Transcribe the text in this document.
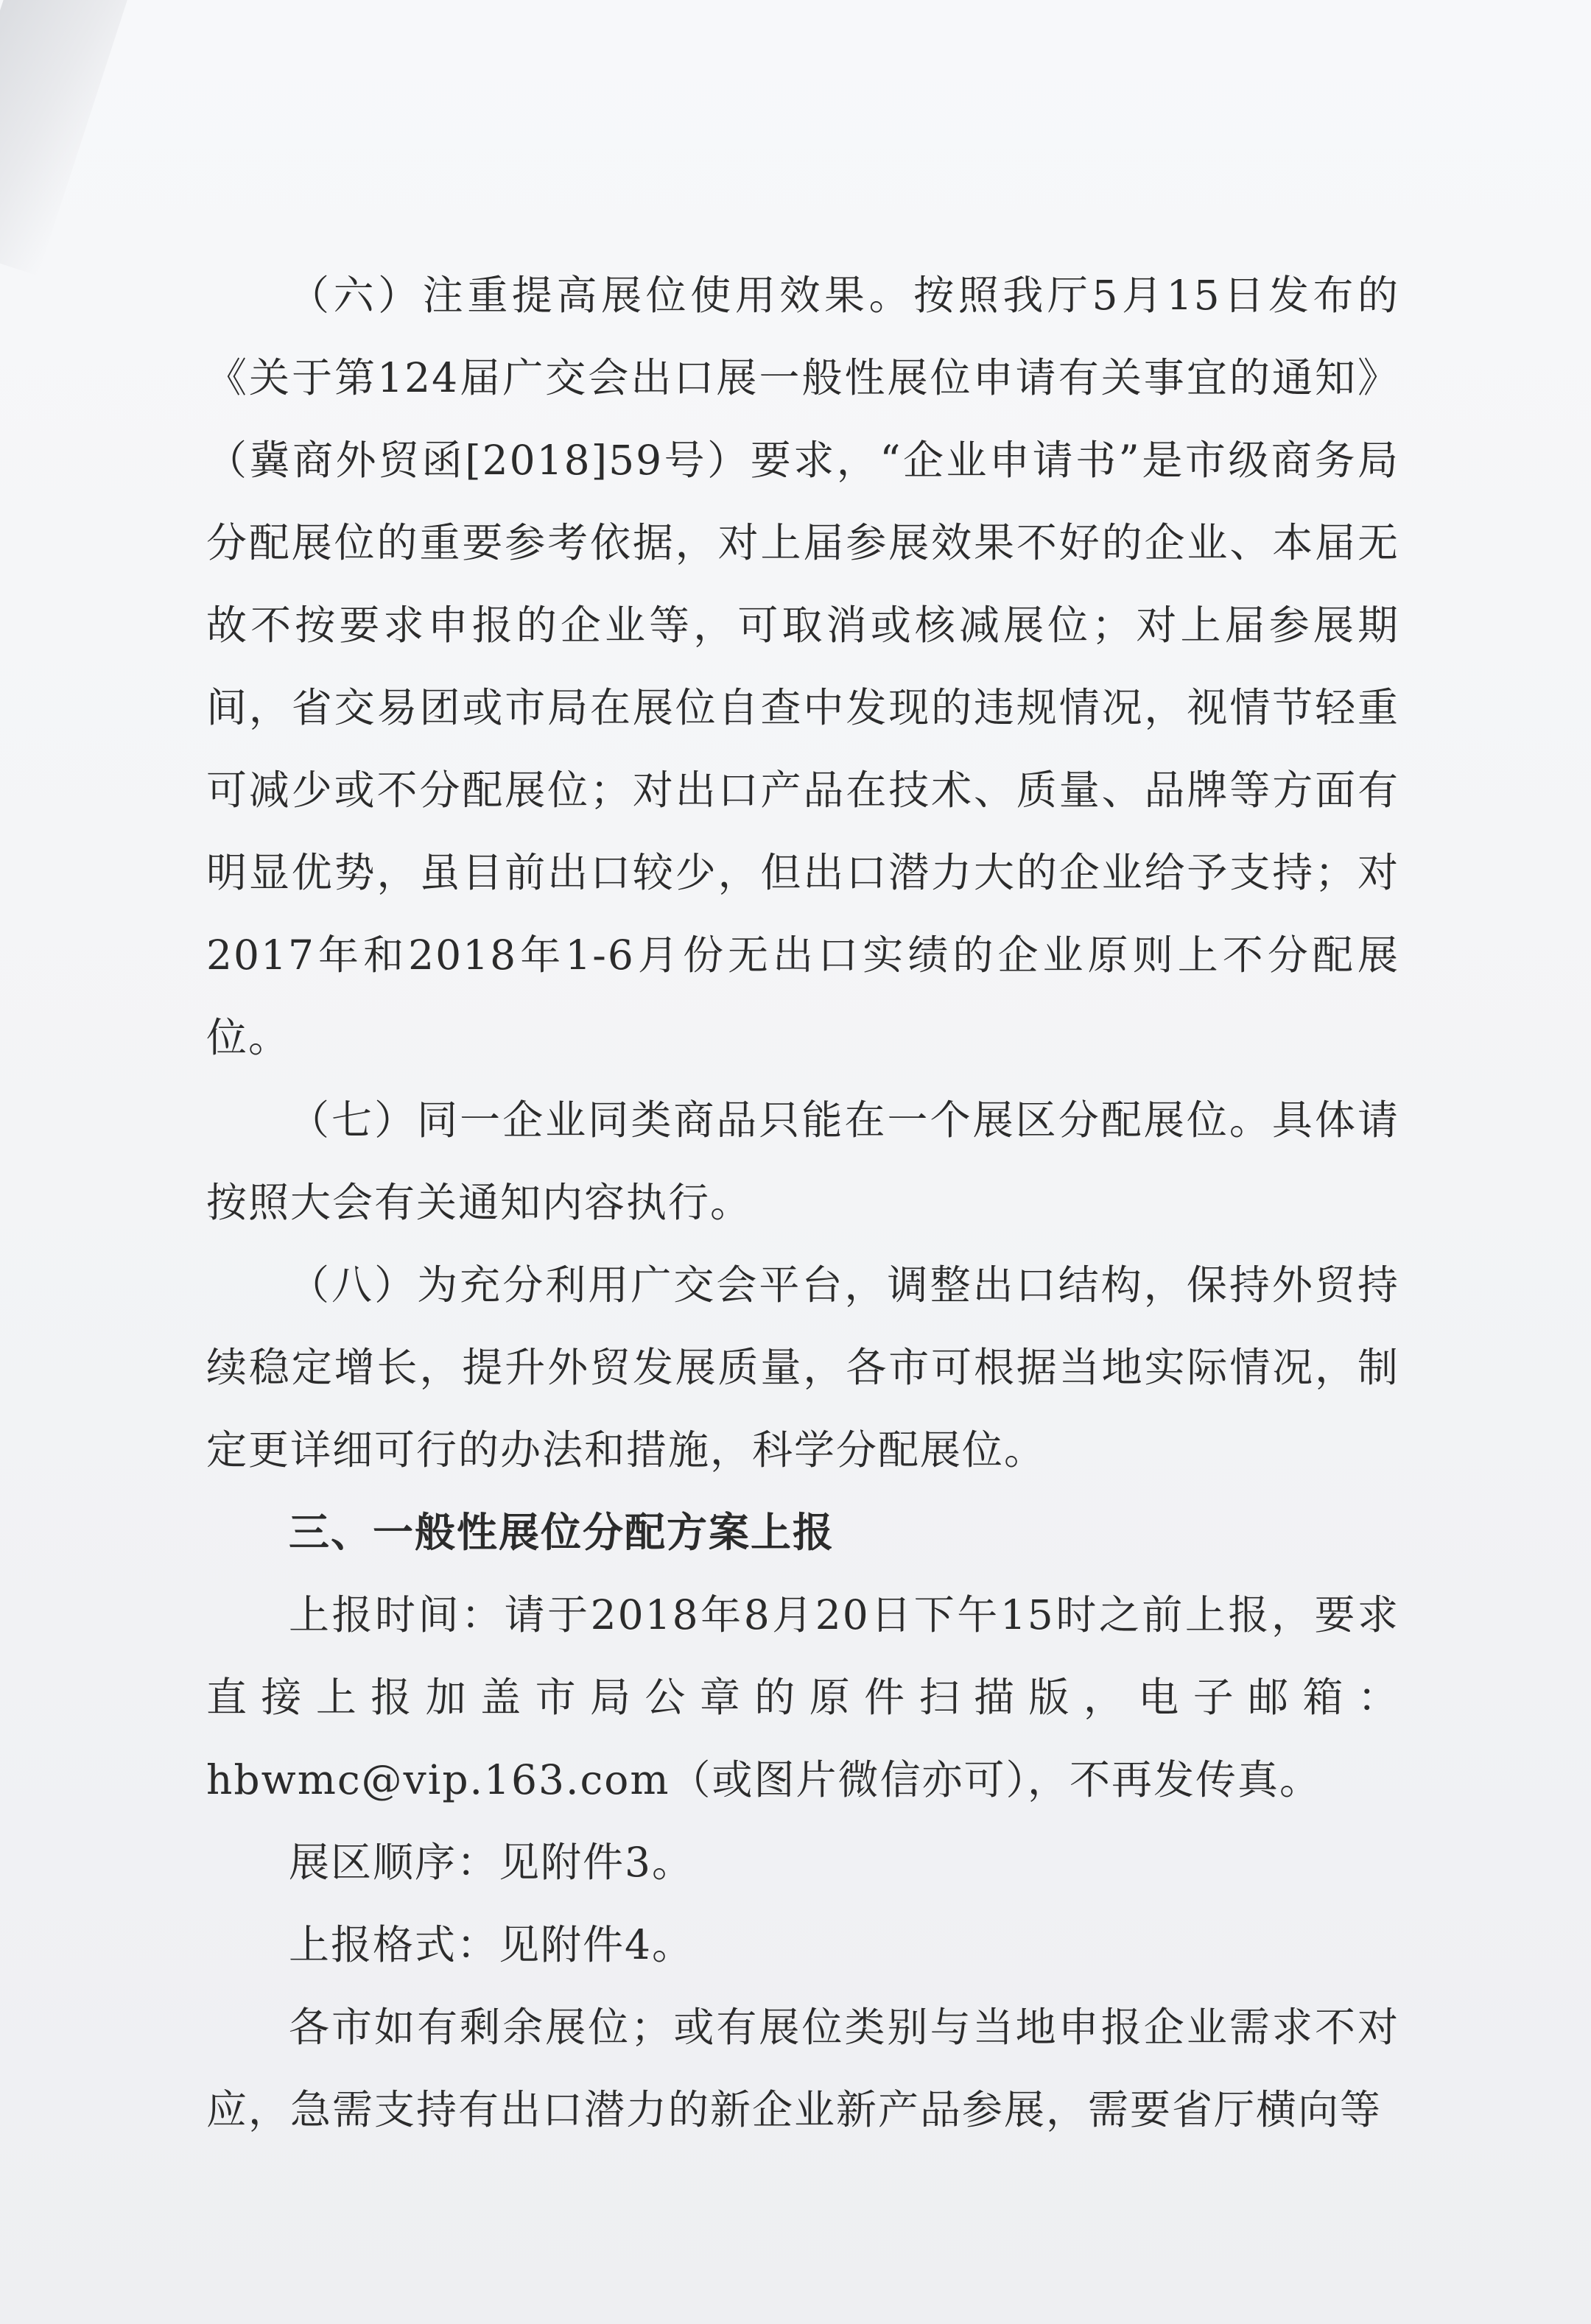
（六）注重提高展位使用效果。按照我厅5月15日发布的《关于第124届广交会出口展一般性展位申请有关事宜的通知》（冀商外贸函[2018]59号）要求，“企业申请书”是市级商务局分配展位的重要参考依据，对上届参展效果不好的企业、本届无故不按要求申报的企业等，可取消或核减展位；对上届参展期间，省交易团或市局在展位自查中发现的违规情况，视情节轻重可减少或不分配展位；对出口产品在技术、质量、品牌等方面有明显优势，虽目前出口较少，但出口潜力大的企业给予支持；对2017年和2018年1-6月份无出口实绩的企业原则上不分配展位。

（七）同一企业同类商品只能在一个展区分配展位。具体请按照大会有关通知内容执行。

（八）为充分利用广交会平台，调整出口结构，保持外贸持续稳定增长，提升外贸发展质量，各市可根据当地实际情况，制定更详细可行的办法和措施，科学分配展位。

三、一般性展位分配方案上报

上报时间：请于2018年8月20日下午15时之前上报，要求直接上报加盖市局公章的原件扫描版，电子邮箱：hbwmc@vip.163.com（或图片微信亦可），不再发传真。

展区顺序：见附件3。

上报格式：见附件4。

各市如有剩余展位；或有展位类别与当地申报企业需求不对应，急需支持有出口潜力的新企业新产品参展，需要省厅横向等
